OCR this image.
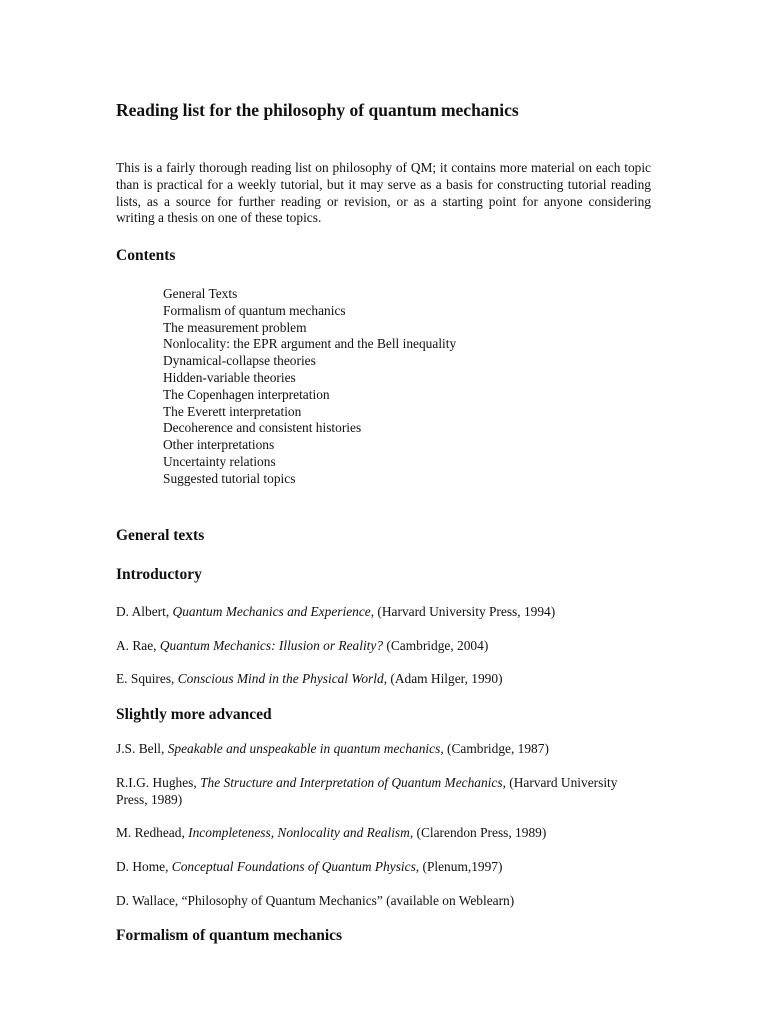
Reading list for the philosophy of quantum mechanics

This is a fairly thorough reading list on philosophy of QM; it contains more material on each topic than is practical for a weekly tutorial, but it may serve as a basis for constructing tutorial reading lists, as a source for further reading or revision, or as a starting point for anyone considering writing a thesis on one of these topics.

Contents
General Texts
Formalism of quantum mechanics
The measurement problem
Nonlocality: the EPR argument and the Bell inequality
Dynamical-collapse theories
Hidden-variable theories
The Copenhagen interpretation
The Everett interpretation
Decoherence and consistent histories
Other interpretations
Uncertainty relations
Suggested tutorial topics
General texts
Introductory

D. Albert, Quantum Mechanics and Experience, (Harvard University Press, 1994)

A. Rae, Quantum Mechanics: Illusion or Reality? (Cambridge, 2004)

E. Squires, Conscious Mind in the Physical World, (Adam Hilger, 1990)

Slightly more advanced

J.S. Bell, Speakable and unspeakable in quantum mechanics, (Cambridge, 1987)

R.I.G. Hughes, The Structure and Interpretation of Quantum Mechanics, (Harvard University Press, 1989)

M. Redhead, Incompleteness, Nonlocality and Realism, (Clarendon Press, 1989)

D. Home, Conceptual Foundations of Quantum Physics, (Plenum,1997)

D. Wallace, “Philosophy of Quantum Mechanics” (available on Weblearn)

Formalism of quantum mechanics
